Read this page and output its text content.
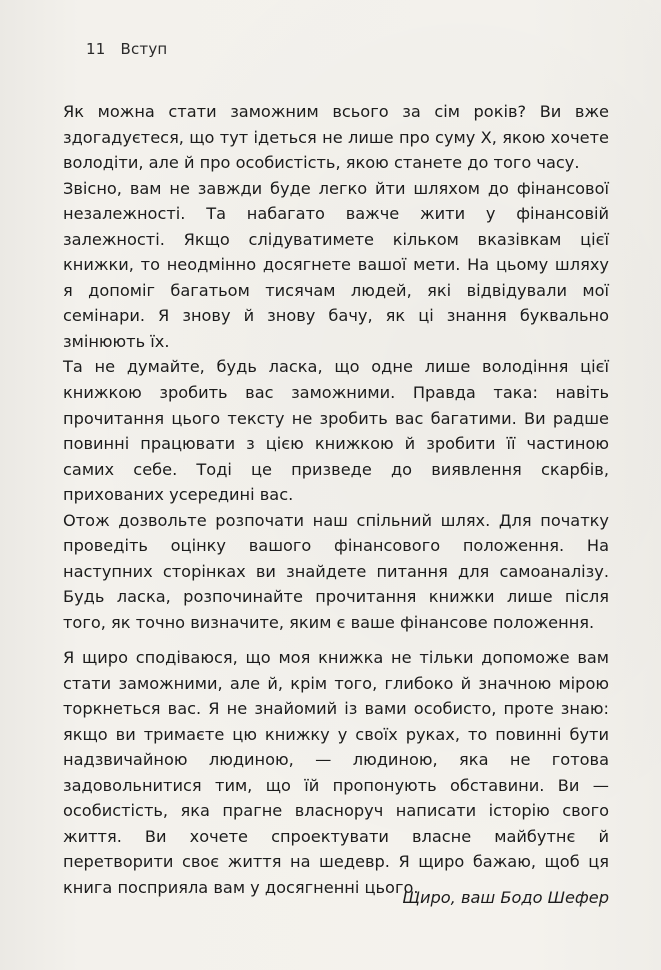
11 Вступ

Як можна стати заможним всього за сім років? Ви вже здогадуєтеся, що тут ідеться не лише про суму Х, якою хочете володіти, але й про особистість, якою станете до того часу.

Звісно, вам не завжди буде легко йти шляхом до фінансової незалежності. Та набагато важче жити у фінансовій залежності. Якщо слідуватимете кільком вказівкам цієї книжки, то неодмінно досягнете вашої мети. На цьому шляху я допоміг багатьом тисячам людей, які відвідували мої семінари. Я знову й знову бачу, як ці знання буквально змінюють їх.

Та не думайте, будь ласка, що одне лише володіння цієї книжкою зробить вас заможними. Правда така: навіть прочитання цього тексту не зробить вас багатими. Ви радше повинні працювати з цією книжкою й зробити її частиною самих себе. Тоді це призведе до виявлення скарбів, прихованих усередині вас.

Отож дозвольте розпочати наш спільний шлях. Для початку проведіть оцінку вашого фінансового положення. На наступних сторінках ви знайдете питання для самоаналізу. Будь ласка, розпочинайте прочитання книжки лише після того, як точно визначите, яким є ваше фінансове положення.

Я щиро сподіваюся, що моя книжка не тільки допоможе вам стати заможними, але й, крім того, глибоко й значною мірою торкнеться вас. Я не знайомий із вами особисто, проте знаю: якщо ви тримаєте цю книжку у своїх руках, то повинні бути надзвичайною людиною, — людиною, яка не готова задовольнитися тим, що їй пропонують обставини. Ви — особистість, яка прагне власноруч написати історію свого життя. Ви хочете спроектувати власне майбутнє й перетворити своє життя на шедевр. Я щиро бажаю, щоб ця книга посприяла вам у досягненні цього.

Щиро, ваш Бодо Шефер
